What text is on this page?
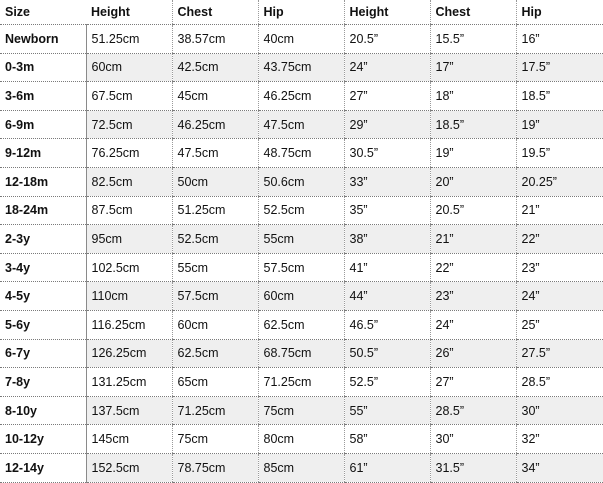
Size	Height	Chest	Hip	Height	Chest	Hip
Newborn	51.25cm	38.57cm	40cm	20.5”	15.5”	16”
0-3m	60cm	42.5cm	43.75cm	24”	17”	17.5”
3-6m	67.5cm	45cm	46.25cm	27”	18”	18.5”
6-9m	72.5cm	46.25cm	47.5cm	29”	18.5”	19”
9-12m	76.25cm	47.5cm	48.75cm	30.5”	19”	19.5”
12-18m	82.5cm	50cm	50.6cm	33”	20”	20.25”
18-24m	87.5cm	51.25cm	52.5cm	35”	20.5”	21”
2-3y	95cm	52.5cm	55cm	38”	21”	22”
3-4y	102.5cm	55cm	57.5cm	41”	22”	23”
4-5y	110cm	57.5cm	60cm	44”	23”	24”
5-6y	116.25cm	60cm	62.5cm	46.5”	24”	25”
6-7y	126.25cm	62.5cm	68.75cm	50.5”	26”	27.5”
7-8y	131.25cm	65cm	71.25cm	52.5”	27”	28.5”
8-10y	137.5cm	71.25cm	75cm	55”	28.5”	30”
10-12y	145cm	75cm	80cm	58”	30”	32”
12-14y	152.5cm	78.75cm	85cm	61”	31.5”	34”
